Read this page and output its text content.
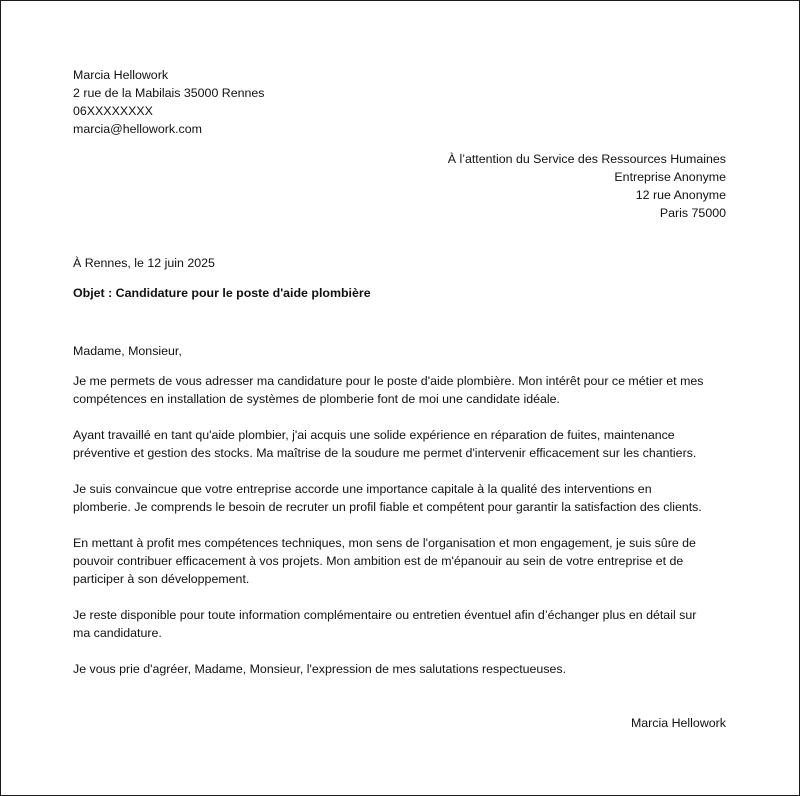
Marcia Hellowork
2 rue de la Mabilais 35000 Rennes
06XXXXXXXX
marcia@hellowork.com
À l’attention du Service des Ressources Humaines
Entreprise Anonyme
12 rue Anonyme
Paris 75000
À Rennes, le 12 juin 2025
Objet : Candidature pour le poste d'aide plombière
Madame, Monsieur,
Je me permets de vous adresser ma candidature pour le poste d'aide plombière. Mon intérêt pour ce métier et mes
compétences en installation de systèmes de plomberie font de moi une candidate idéale.
Ayant travaillé en tant qu'aide plombier, j'ai acquis une solide expérience en réparation de fuites, maintenance
préventive et gestion des stocks. Ma maîtrise de la soudure me permet d'intervenir efficacement sur les chantiers.
Je suis convaincue que votre entreprise accorde une importance capitale à la qualité des interventions en
plomberie. Je comprends le besoin de recruter un profil fiable et compétent pour garantir la satisfaction des clients.
En mettant à profit mes compétences techniques, mon sens de l'organisation et mon engagement, je suis sûre de
pouvoir contribuer efficacement à vos projets. Mon ambition est de m'épanouir au sein de votre entreprise et de
participer à son développement.
Je reste disponible pour toute information complémentaire ou entretien éventuel afin d’échanger plus en détail sur
ma candidature.
Je vous prie d'agréer, Madame, Monsieur, l'expression de mes salutations respectueuses.
Marcia Hellowork
